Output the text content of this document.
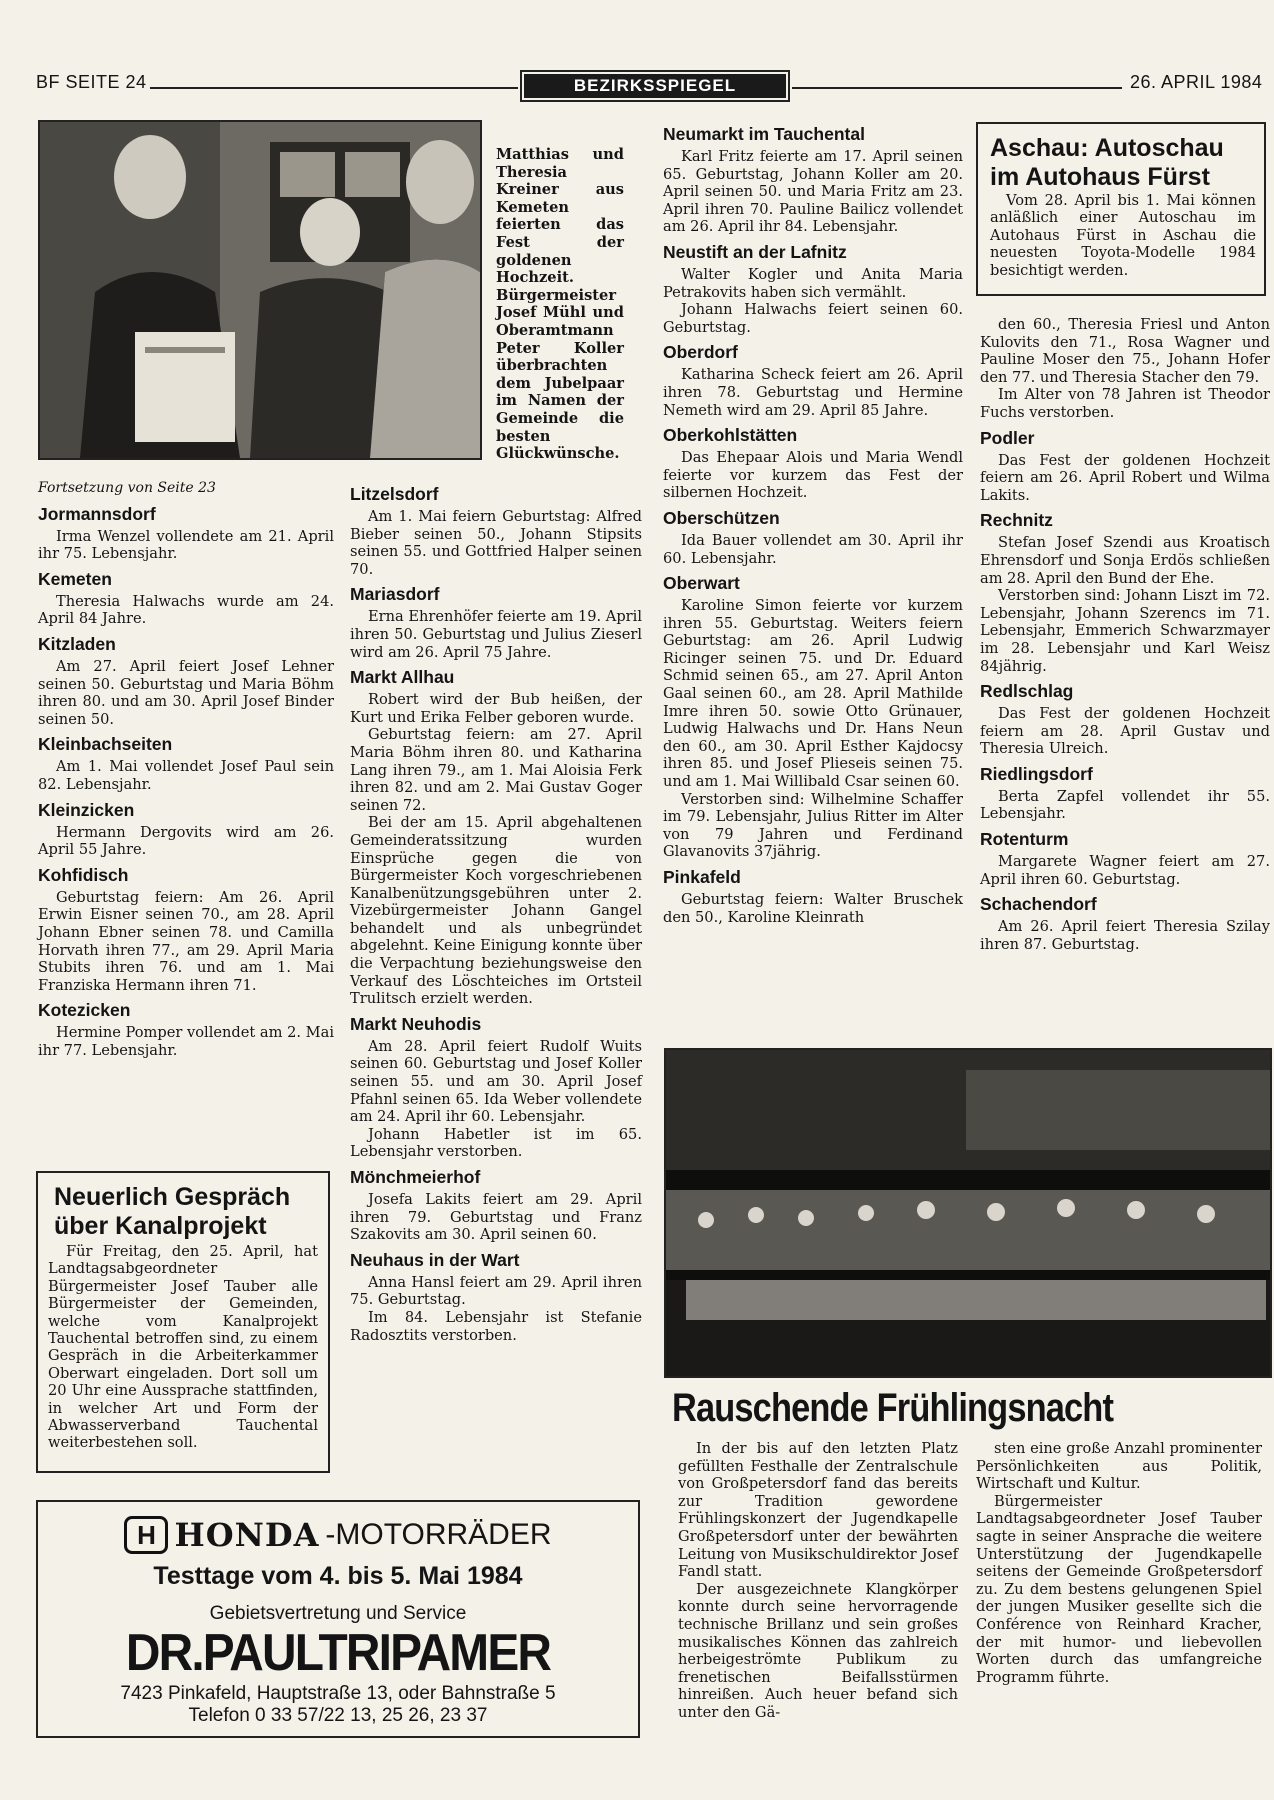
BF SEITE 24	BEZIRKSSPIEGEL	26. APRIL 1984
Matthias und Theresia Kreiner aus Kemeten feierten das Fest der goldenen Hochzeit. Bürgermeister Josef Mühl und Oberamtmann Peter Koller überbrachten dem Jubelpaar im Namen der Gemeinde die besten Glückwünsche.

Fortsetzung von Seite 23

Jormannsdorf

Irma Wenzel vollendete am 21. April ihr 75. Lebensjahr.

Kemeten

Theresia Halwachs wurde am 24. April 84 Jahre.

Kitzladen

Am 27. April feiert Josef Lehner seinen 50. Geburtstag und Maria Böhm ihren 80. und am 30. April Josef Binder seinen 50.

Kleinbachseiten

Am 1. Mai vollendet Josef Paul sein 82. Lebensjahr.

Kleinzicken

Hermann Dergovits wird am 26. April 55 Jahre.

Kohfidisch

Geburtstag feiern: Am 26. April Erwin Eisner seinen 70., am 28. April Johann Ebner seinen 78. und Camilla Horvath ihren 77., am 29. April Maria Stubits ihren 76. und am 1. Mai Franziska Hermann ihren 71.

Kotezicken

Hermine Pomper vollendet am 2. Mai ihr 77. Lebensjahr.

Neuerlich Gespräch über Kanalprojekt
Für Freitag, den 25. April, hat Landtagsabgeordneter Bürgermeister Josef Tauber alle Bürgermeister der Gemeinden, welche vom Kanalprojekt Tauchental betroffen sind, zu einem Gespräch in die Arbeiterkammer Oberwart eingeladen. Dort soll um 20 Uhr eine Aussprache stattfinden, in welcher Art und Form der Abwasserverband Tauchental weiterbestehen soll.
Litzelsdorf

Am 1. Mai feiern Geburtstag: Alfred Bieber seinen 50., Johann Stipsits seinen 55. und Gottfried Halper seinen 70.

Mariasdorf

Erna Ehrenhöfer feierte am 19. April ihren 50. Geburtstag und Julius Zieserl wird am 26. April 75 Jahre.

Markt Allhau

Robert wird der Bub heißen, der Kurt und Erika Felber geboren wurde.

Geburtstag feiern: am 27. April Maria Böhm ihren 80. und Katharina Lang ihren 79., am 1. Mai Aloisia Ferk ihren 82. und am 2. Mai Gustav Goger seinen 72.

Bei der am 15. April abgehaltenen Gemeinderatssitzung wurden Einsprüche gegen die von Bürgermeister Koch vorgeschriebenen Kanalbenützungsgebühren unter 2. Vizebürgermeister Johann Gangel behandelt und als unbegründet abgelehnt. Keine Einigung konnte über die Verpachtung beziehungsweise den Verkauf des Löschteiches im Ortsteil Trulitsch erzielt werden.

Markt Neuhodis

Am 28. April feiert Rudolf Wuits seinen 60. Geburtstag und Josef Koller seinen 55. und am 30. April Josef Pfahnl seinen 65. Ida Weber vollendete am 24. April ihr 60. Lebensjahr.

Johann Habetler ist im 65. Lebensjahr verstorben.

Mönchmeierhof

Josefa Lakits feiert am 29. April ihren 79. Geburtstag und Franz Szakovits am 30. April seinen 60.

Neuhaus in der Wart

Anna Hansl feiert am 29. April ihren 75. Geburtstag.

Im 84. Lebensjahr ist Stefanie Radosztits verstorben.

Neumarkt im Tauchental

Karl Fritz feierte am 17. April seinen 65. Geburtstag, Johann Koller am 20. April seinen 50. und Maria Fritz am 23. April ihren 70. Pauline Bailicz vollendet am 26. April ihr 84. Lebensjahr.

Neustift an der Lafnitz

Walter Kogler und Anita Maria Petrakovits haben sich vermählt.

Johann Halwachs feiert seinen 60. Geburtstag.

Oberdorf

Katharina Scheck feiert am 26. April ihren 78. Geburtstag und Hermine Nemeth wird am 29. April 85 Jahre.

Oberkohlstätten

Das Ehepaar Alois und Maria Wendl feierte vor kurzem das Fest der silbernen Hochzeit.

Oberschützen

Ida Bauer vollendet am 30. April ihr 60. Lebensjahr.

Oberwart

Karoline Simon feierte vor kurzem ihren 55. Geburtstag. Weiters feiern Geburtstag: am 26. April Ludwig Ricinger seinen 75. und Dr. Eduard Schmid seinen 65., am 27. April Anton Gaal seinen 60., am 28. April Mathilde Imre ihren 50. sowie Otto Grünauer, Ludwig Halwachs und Dr. Hans Neun den 60., am 30. April Esther Kajdocsy ihren 85. und Josef Plieseis seinen 75. und am 1. Mai Willibald Csar seinen 60.

Verstorben sind: Wilhelmine Schaffer im 79. Lebensjahr, Julius Ritter im Alter von 79 Jahren und Ferdinand Glavanovits 37jährig.

Pinkafeld

Geburtstag feiern: Walter Bruschek den 50., Karoline Kleinrath

Aschau: Autoschau im Autohaus Fürst
Vom 28. April bis 1. Mai können anläßlich einer Autoschau im Autohaus Fürst in Aschau die neuesten Toyota-Modelle 1984 besichtigt werden.

den 60., Theresia Friesl und Anton Kulovits den 71., Rosa Wagner und Pauline Moser den 75., Johann Hofer den 77. und Theresia Stacher den 79.

Im Alter von 78 Jahren ist Theodor Fuchs verstorben.

Podler

Das Fest der goldenen Hochzeit feiern am 26. April Robert und Wilma Lakits.

Rechnitz

Stefan Josef Szendi aus Kroatisch Ehrensdorf und Sonja Erdös schließen am 28. April den Bund der Ehe.

Verstorben sind: Johann Liszt im 72. Lebensjahr, Johann Szerencs im 71. Lebensjahr, Emmerich Schwarzmayer im 28. Lebensjahr und Karl Weisz 84jährig.

Redlschlag

Das Fest der goldenen Hochzeit feiern am 28. April Gustav und Theresia Ulreich.

Riedlingsdorf

Berta Zapfel vollendet ihr 55. Lebensjahr.

Rotenturm

Margarete Wagner feiert am 27. April ihren 60. Geburtstag.

Schachendorf

Am 26. April feiert Theresia Szilay ihren 87. Geburtstag.

Rauschende Frühlingsnacht

In der bis auf den letzten Platz gefüllten Festhalle der Zentralschule von Großpetersdorf fand das bereits zur Tradition gewordene Frühlingskonzert der Jugendkapelle Großpetersdorf unter der bewährten Leitung von Musikschuldirektor Josef Fandl statt.

Der ausgezeichnete Klangkörper konnte durch seine hervorragende technische Brillanz und sein großes musikalisches Können das zahlreich herbeigeströmte Publikum zu frenetischen Beifallsstürmen hinreißen. Auch heuer befand sich unter den Gä-

sten eine große Anzahl prominenter Persönlichkeiten aus Politik, Wirtschaft und Kultur.

Bürgermeister Landtagsabgeordneter Josef Tauber sagte in seiner Ansprache die weitere Unterstützung der Jugendkapelle seitens der Gemeinde Großpetersdorf zu. Zu dem bestens gelungenen Spiel der jungen Musiker gesellte sich die Conférence von Reinhard Kracher, der mit humor- und liebevollen Worten durch das umfangreiche Programm führte.

H HONDA -MOTORRÄDER
Testtage vom 4. bis 5. Mai 1984
Gebietsvertretung und Service
DR.PAULTRIPAMER
7423 Pinkafeld, Hauptstraße 13, oder Bahnstraße 5
Telefon 0 33 57/22 13, 25 26, 23 37
